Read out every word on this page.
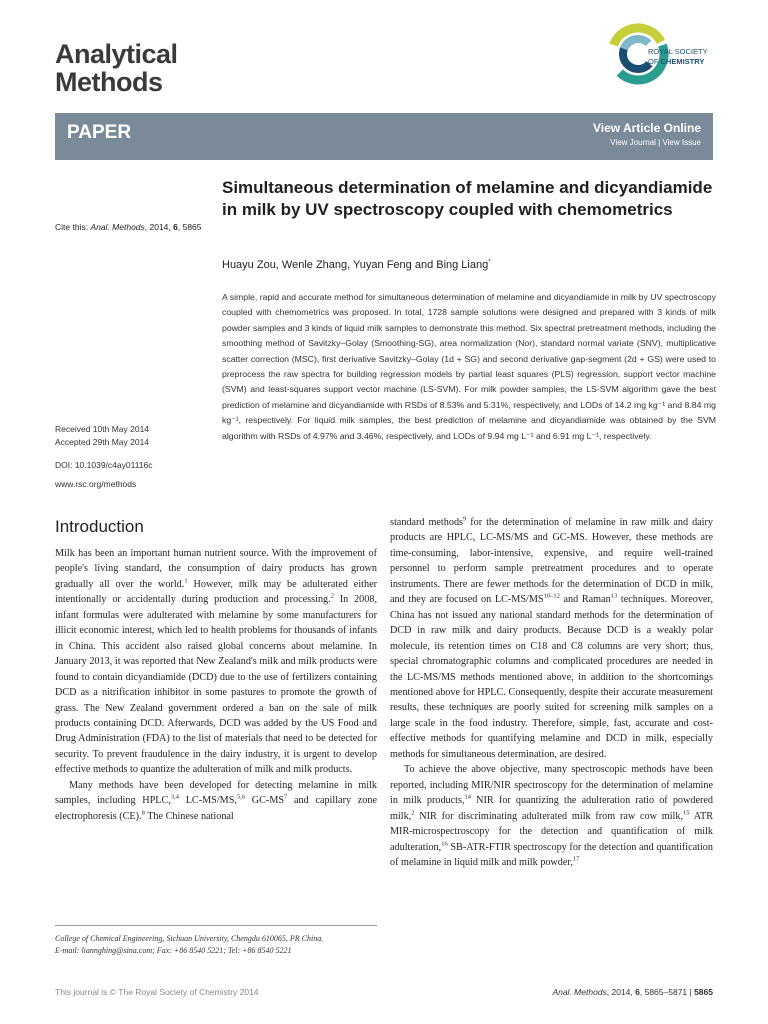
Analytical
Methods
ROYAL SOCIETY
OF CHEMISTRY
PAPER	View Article Online
View Journal | View Issue
Simultaneous determination of melamine and dicyandiamide in milk by UV spectroscopy coupled with chemometrics
Cite this: Anal. Methods, 2014, 6, 5865
Huayu Zou, Wenle Zhang, Yuyan Feng and Bing Liang*
A simple, rapid and accurate method for simultaneous determination of melamine and dicyandiamide in milk by UV spectroscopy coupled with chemometrics was proposed. In total, 1728 sample solutions were designed and prepared with 3 kinds of milk powder samples and 3 kinds of liquid milk samples to demonstrate this method. Six spectral pretreatment methods, including the smoothing method of Savitzky–Golay (Smoothing-SG), area normalization (Nor), standard normal variate (SNV), multiplicative scatter correction (MSC), first derivative Savitzky–Golay (1d + SG) and second derivative gap-segment (2d + GS) were used to preprocess the raw spectra for building regression models by partial least squares (PLS) regression, support vector machine (SVM) and least-squares support vector machine (LS-SVM). For milk powder samples, the LS-SVM algorithm gave the best prediction of melamine and dicyandiamide with RSDs of 8.53% and 5.31%, respectively, and LODs of 14.2 mg kg⁻¹ and 8.84 mg kg⁻¹, respectively. For liquid milk samples, the best prediction of melamine and dicyandiamide was obtained by the SVM algorithm with RSDs of 4.97% and 3.46%, respectively, and LODs of 9.94 mg L⁻¹ and 6.91 mg L⁻¹, respectively.
Received 10th May 2014
Accepted 29th May 2014
DOI: 10.1039/c4ay01116c
www.rsc.org/methods
Introduction

Milk has been an important human nutrient source. With the improvement of people's living standard, the consumption of dairy products has grown gradually all over the world.$^1$ However, milk may be adulterated either intentionally or accidentally during production and processing.$^2$ In 2008, infant formulas were adulterated with melamine by some manufacturers for illicit economic interest, which led to health problems for thousands of infants in China. This accident also raised global concerns about melamine. In January 2013, it was reported that New Zealand's milk and milk products were found to contain dicyandiamide (DCD) due to the use of fertilizers containing DCD as a nitrification inhibitor in some pastures to promote the growth of grass. The New Zealand government ordered a ban on the sale of milk products containing DCD. Afterwards, DCD was added by the US Food and Drug Administration (FDA) to the list of materials that need to be detected for security. To prevent fraudulence in the dairy industry, it is urgent to develop effective methods to quantize the adulteration of milk and milk products.

Many methods have been developed for detecting melamine in milk samples, including HPLC,$^{3,4}$ LC-MS/MS,$^{5,6}$ $GC-MS^7$ and capillary zone electrophoresis (CE).$^8$ The Chinese national

standard methods$^9$ for the determination of melamine in raw milk and dairy products are HPLC, LC-MS/MS and GC-MS. However, these methods are time-consuming, labor-intensive, expensive, and require well-trained personnel to perform sample pretreatment procedures and to operate instruments. There are fewer methods for the determination of DCD in milk, and they are focused on LC-MS/MS$^{10-12}$ and Raman$^{13}$ techniques. Moreover, China has not issued any national standard methods for the determination of DCD in raw milk and dairy products. Because DCD is a weakly polar molecule, its retention times on C18 and C8 columns are very short; thus, special chromatographic columns and complicated procedures are needed in the LC-MS/MS methods mentioned above, in addition to the shortcomings mentioned above for HPLC. Consequently, despite their accurate measurement results, these techniques are poorly suited for screening milk samples on a large scale in the food industry. Therefore, simple, fast, accurate and cost-effective methods for quantifying melamine and DCD in milk, especially methods for simultaneous determination, are desired.

To achieve the above objective, many spectroscopic methods have been reported, including MIR/NIR spectroscopy for the determination of melamine in milk products,$^{14}$ NIR for quantizing the adulteration ratio of powdered milk,$^2$ NIR for discriminating adulterated milk from raw cow milk,$^{15}$ ATR MIR-microspectroscopy for the detection and quantification of milk adulteration,$^{16}$ SB-ATR-FTIR spectroscopy for the detection and quantification of melamine in liquid milk and milk powder,$^{17}$

College of Chemical Engineering, Sichuan University, Chengdu 610065, PR China.
E-mail: liannghing@sina.com; Fax: +86 8540 5221; Tel: +86 8540 5221
This journal is © The Royal Society of Chemistry 2014	Anal. Methods, 2014, 6, 5865–5871 | 5865
